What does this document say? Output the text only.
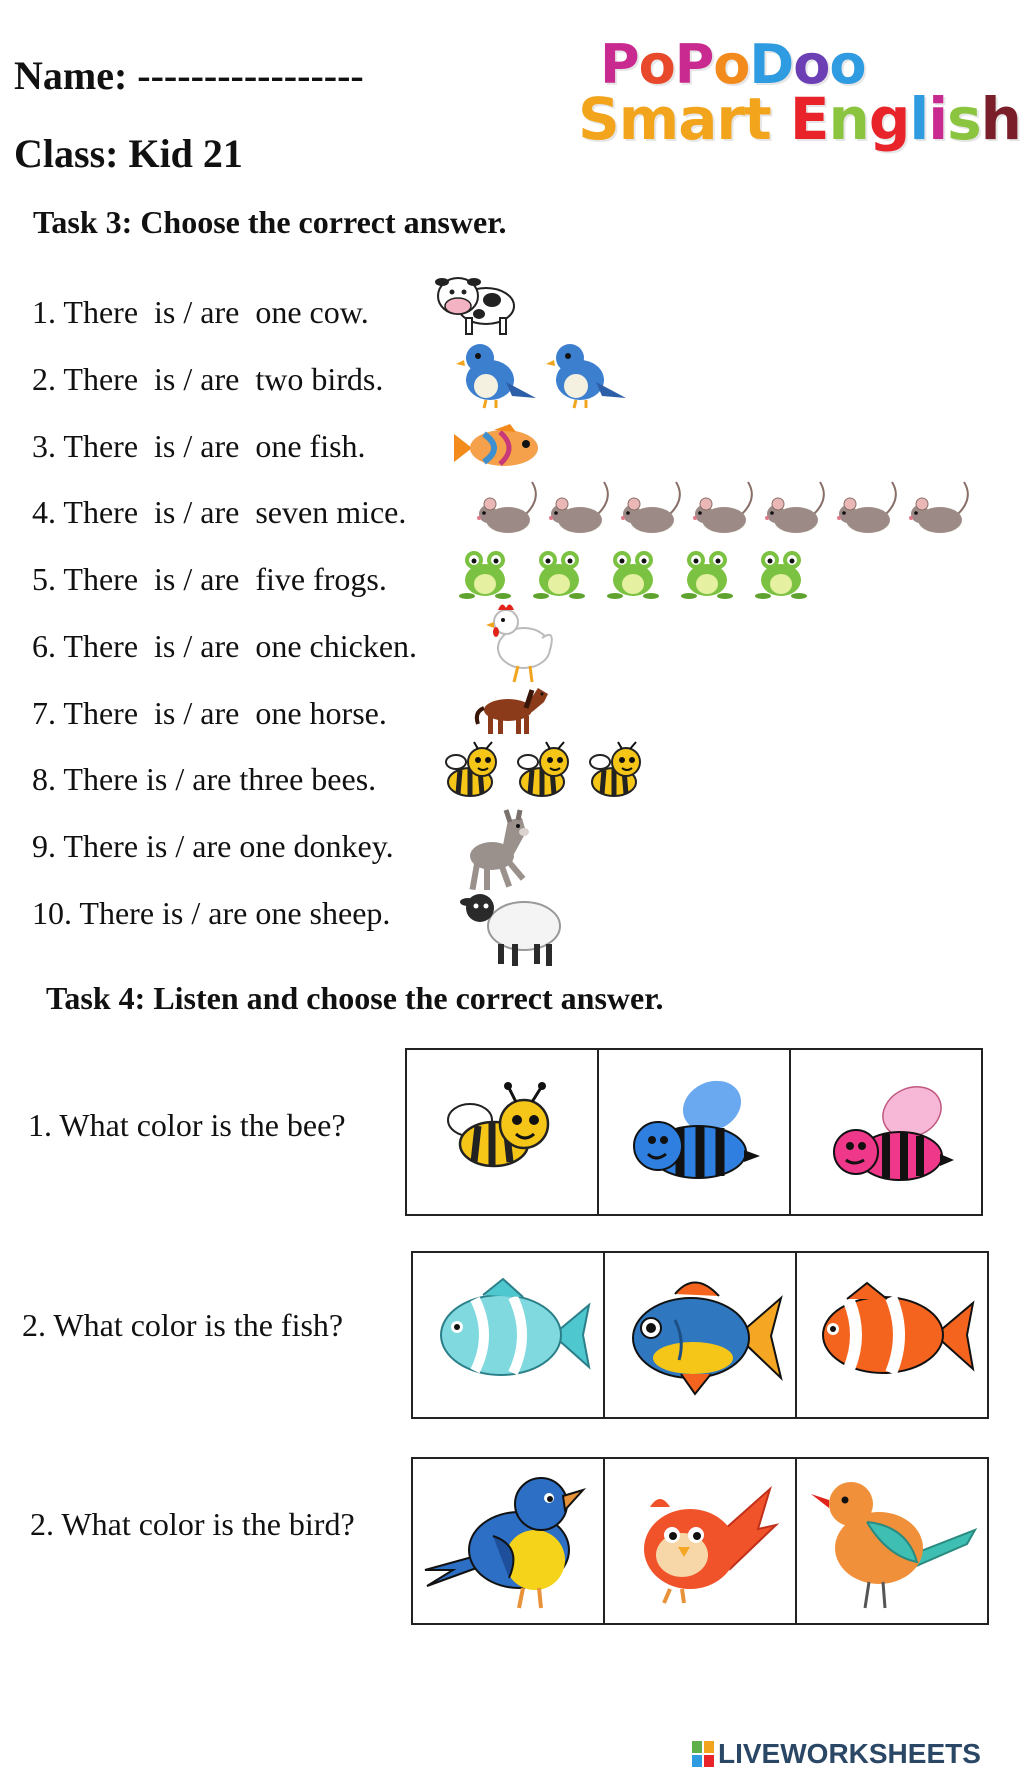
Name: -----------------
Class: Kid 21
PoPoDoo
Smart English
Task 3: Choose the correct answer.
1. There  is / are  one cow.
2. There  is / are  two birds.
3. There  is / are  one fish.
4. There  is / are  seven mice.
5. There  is / are  five frogs.
6. There  is / are  one chicken.
7. There  is / are  one horse.
8. There is / are three bees.
9. There is / are one donkey.
10. There is / are one sheep.
Task 4: Listen and choose the correct answer.
1. What color is the bee?
2. What color is the fish?
2. What color is the bird?
LIVEWORKSHEETS
